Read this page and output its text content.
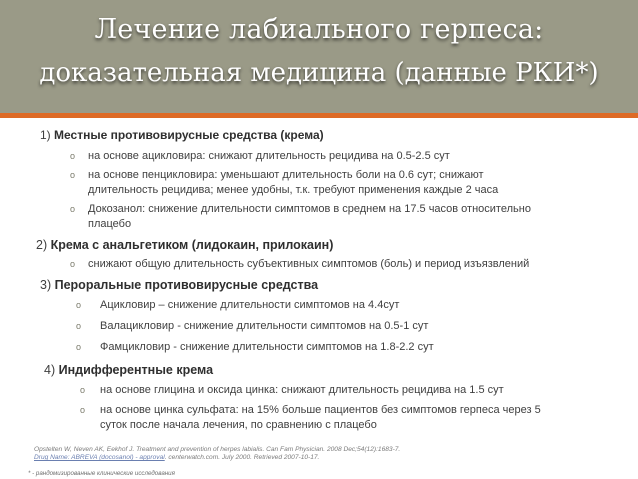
Лечение лабиального герпеса:
доказательная медицина (данные РКИ*)
1) Местные противовирусные средства (крема)
o на основе ацикловира: снижают длительность рецидива на 0.5-2.5 сут
o на основе пенцикловира: уменьшают длительность боли на 0.6 сут; снижают
длительность рецидива; менее удобны, т.к. требуют применения каждые 2 часа
o Докозанол: снижение длительности симптомов в среднем на 17.5 часов относительно
плацебо
2) Крема с анальгетиком (лидокаин, прилокаин)
o снижают общую длительность субъективных симптомов (боль) и период изъязвлений
3) Пероральные противовирусные средства
o Ацикловир – снижение длительности симптомов на 4.4сут
o Валацикловир - снижение длительности симптомов на 0.5-1 сут
o Фамцикловир - снижение длительности симптомов на 1.8-2.2 сут
4) Индифферентные крема
o на основе глицина и оксида цинка: снижают длительность рецидива на 1.5 сут
o на основе цинка сульфата: на 15% больше пациентов без симптомов герпеса через 5
суток после начала лечения, по сравнению с плацебо
Opstelten W, Neven AK, Eekhof J. Treatment and prevention of herpes labialis. Can Fam Physician. 2008 Dec;54(12):1683-7.
Drug Name: ABREVA (docosanol) - approval. centerwatch.com. July 2000. Retrieved 2007-10-17.
* - рандомизированные клинические исследования
